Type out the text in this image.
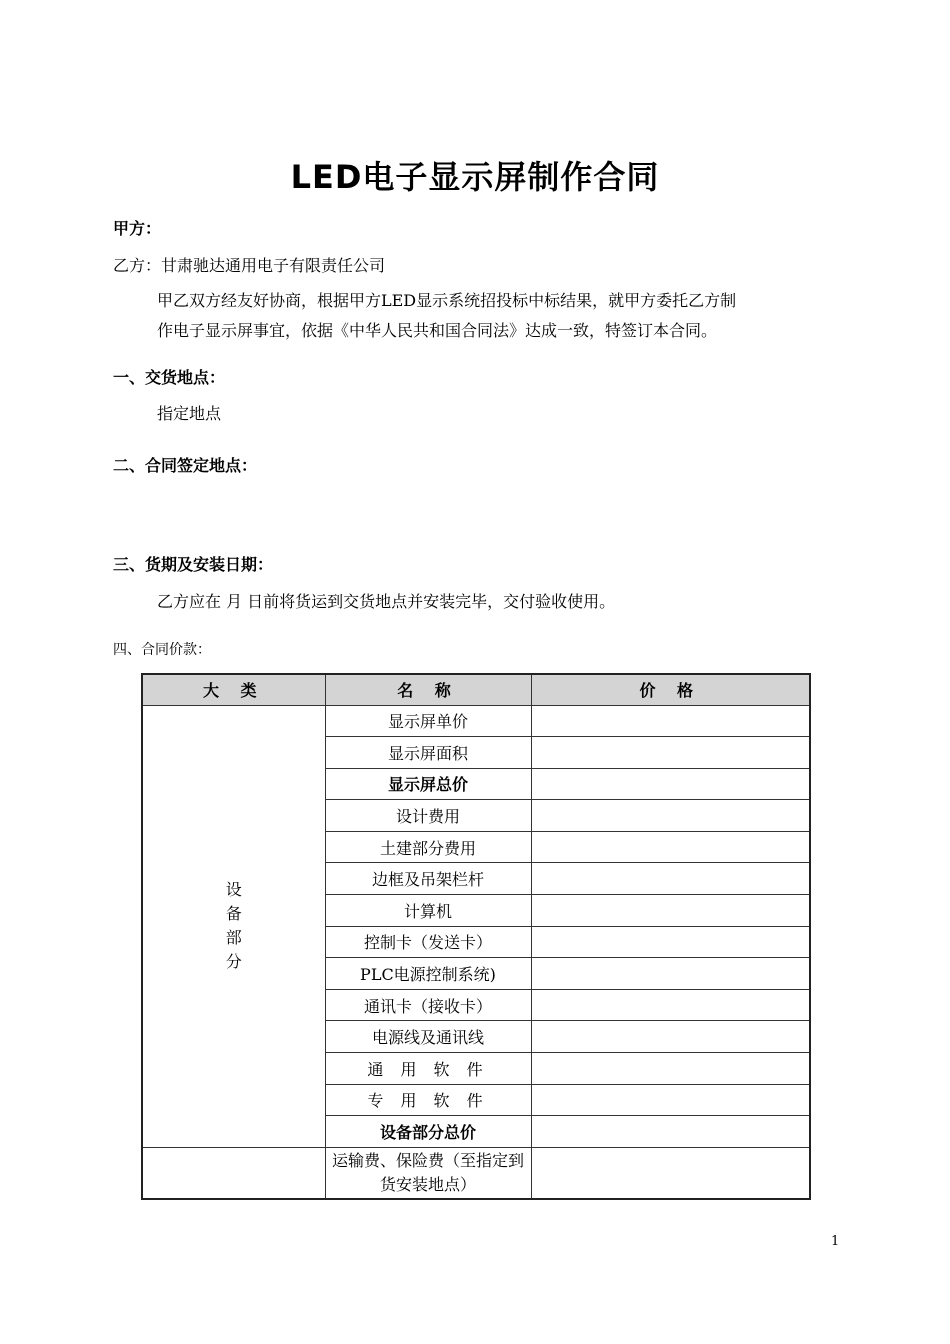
LED电子显示屏制作合同
甲方：
乙方：甘肃驰达通用电子有限责任公司
甲乙双方经友好协商，根据甲方LED显示系统招投标中标结果，就甲方委托乙方制
作电子显示屏事宜，依据《中华人民共和国合同法》达成一致，特签订本合同。
一、交货地点：
指定地点
二、合同签定地点：
三、货期及安装日期：
乙方应在 月 日前将货运到交货地点并安装完毕，交付验收使用。
四、合同价款：
大 类	名 称	价 格

设
备
部
分	显示屏单价	
	显示屏面积	
	显示屏总价	
	设计费用	
	土建部分费用	
	边框及吊架栏杆	
	计算机	
	控制卡（发送卡）	
	PLC电源控制系统)	
	通讯卡（接收卡）	
	电源线及通讯线	
	通 用 软 件	
	专 用 软 件	
	设备部分总价	
	运输费、保险费（至指定到货安装地点）	
1
